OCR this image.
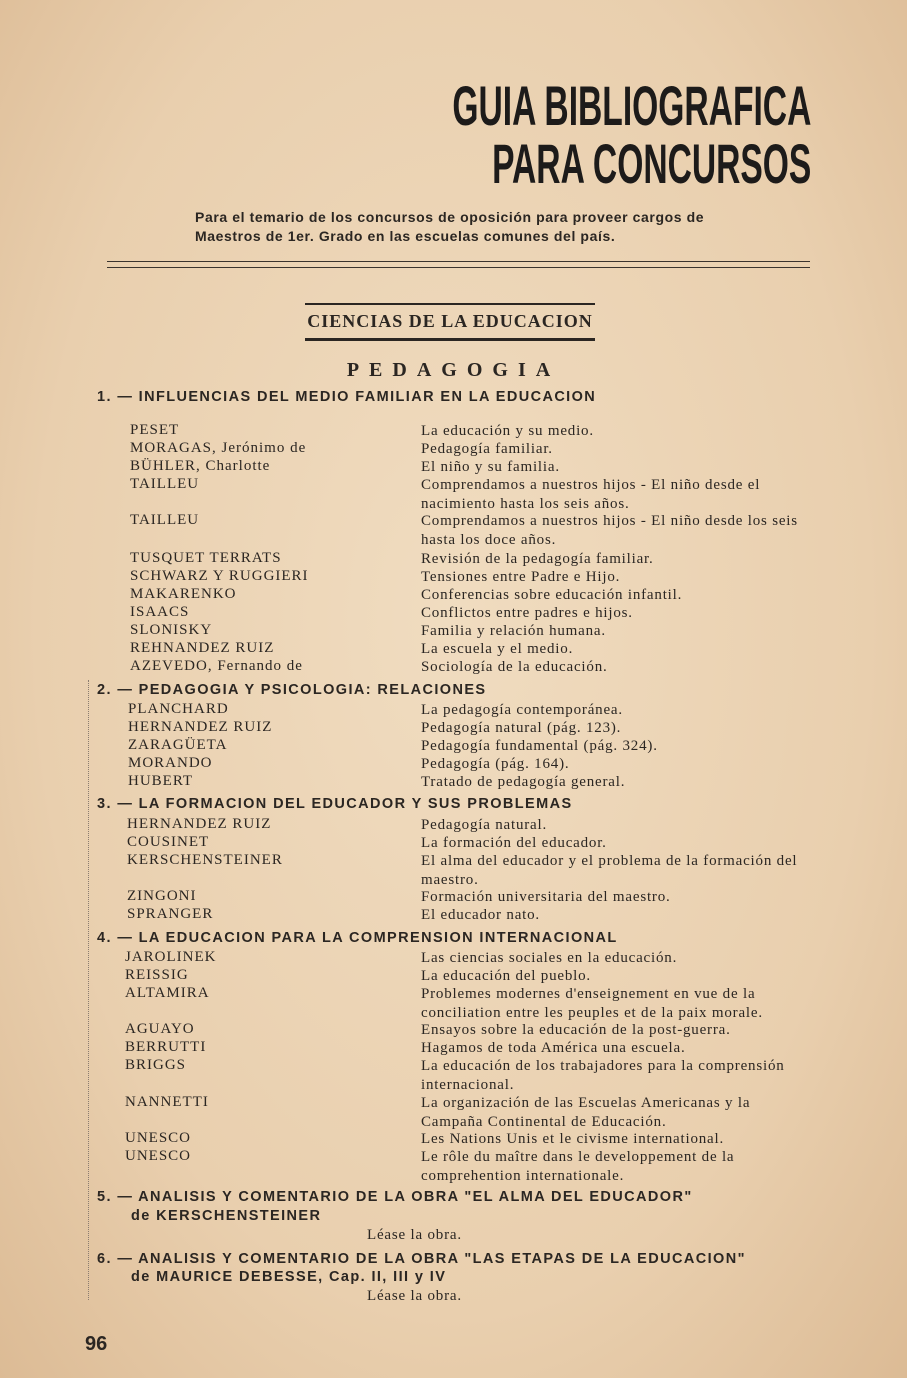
GUIA BIBLIOGRAFICA
PARA CONCURSOS
Para el temario de los concursos de oposición para proveer cargos de Maestros de 1er. Grado en las escuelas comunes del país.
CIENCIAS DE LA EDUCACION
PEDAGOGIA
1. — INFLUENCIAS DEL MEDIO FAMILIAR EN LA EDUCACION
PESET	La educación y su medio.
MORAGAS, Jerónimo de	Pedagogía familiar.
BÜHLER, Charlotte	El niño y su familia.
TAILLEU	Comprendamos a nuestros hijos - El niño desde el nacimiento hasta los seis años.
TAILLEU	Comprendamos a nuestros hijos - El niño desde los seis hasta los doce años.
TUSQUET TERRATS	Revisión de la pedagogía familiar.
SCHWARZ Y RUGGIERI	Tensiones entre Padre e Hijo.
MAKARENKO	Conferencias sobre educación infantil.
ISAACS	Conflictos entre padres e hijos.
SLONISKY	Familia y relación humana.
REHNANDEZ RUIZ	La escuela y el medio.
AZEVEDO, Fernando de	Sociología de la educación.
2. — PEDAGOGIA Y PSICOLOGIA: RELACIONES
PLANCHARD	La pedagogía contemporánea.
HERNANDEZ RUIZ	Pedagogía natural (pág. 123).
ZARAGÜETA	Pedagogía fundamental (pág. 324).
MORANDO	Pedagogía (pág. 164).
HUBERT	Tratado de pedagogía general.
3. — LA FORMACION DEL EDUCADOR Y SUS PROBLEMAS
HERNANDEZ RUIZ	Pedagogía natural.
COUSINET	La formación del educador.
KERSCHENSTEINER	El alma del educador y el problema de la formación del maestro.
ZINGONI	Formación universitaria del maestro.
SPRANGER	El educador nato.
4. — LA EDUCACION PARA LA COMPRENSION INTERNACIONAL
JAROLINEK	Las ciencias sociales en la educación.
REISSIG	La educación del pueblo.
ALTAMIRA	Problemes modernes d'enseignement en vue de la conciliation entre les peuples et de la paix morale.
AGUAYO	Ensayos sobre la educación de la post-guerra.
BERRUTTI	Hagamos de toda América una escuela.
BRIGGS	La educación de los trabajadores para la comprensión internacional.
NANNETTI	La organización de las Escuelas Americanas y la Campaña Continental de Educación.
UNESCO	Les Nations Unis et le civisme international.
UNESCO	Le rôle du maître dans le developpement de la comprehention internationale.
5. — ANALISIS Y COMENTARIO DE LA OBRA "EL ALMA DEL EDUCADOR"
de KERSCHENSTEINER
Léase la obra.
6. — ANALISIS Y COMENTARIO DE LA OBRA "LAS ETAPAS DE LA EDUCACION"
de MAURICE DEBESSE, Cap. II, III y IV
Léase la obra.
96
